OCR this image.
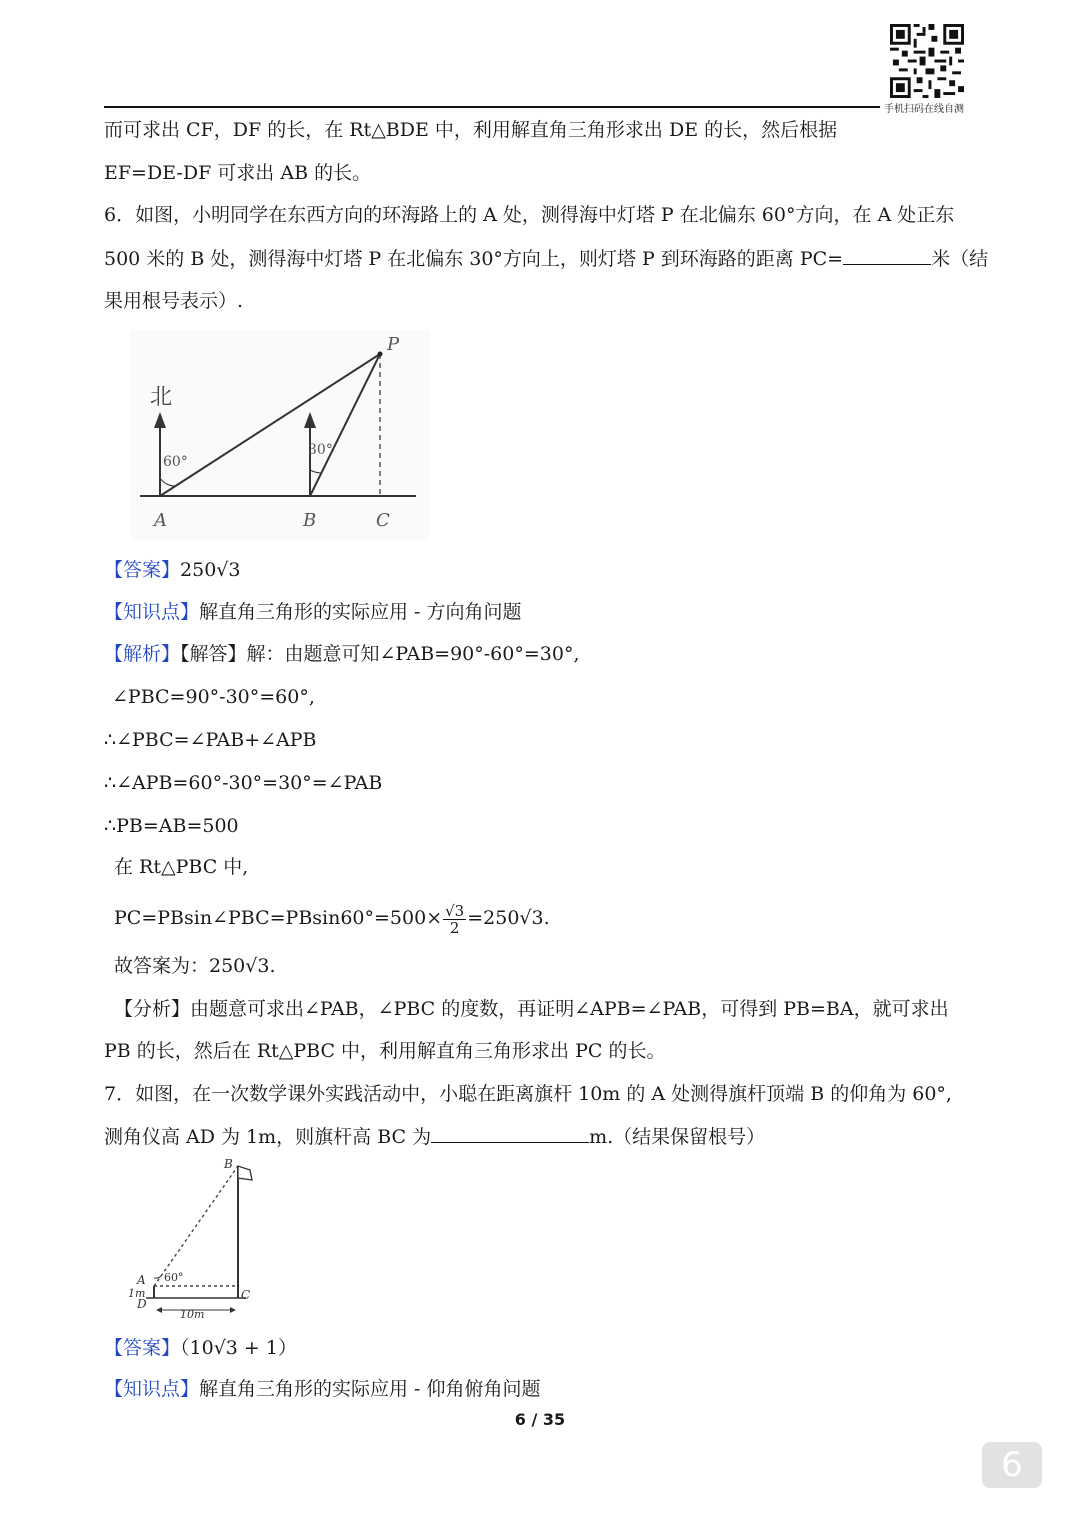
手机扫码在线自测
而可求出 CF，DF 的长，在 Rt△BDE 中，利用解直角三角形求出 DE 的长，然后根据
EF=DE-DF 可求出 AB 的长。
6．如图，小明同学在东西方向的环海路上的 A 处，测得海中灯塔 P 在北偏东 60°方向，在 A 处正东
500 米的 B 处，测得海中灯塔 P 在北偏东 30°方向上，则灯塔 P 到环海路的距离 PC=	米（结
果用根号表示）.
北
60°
30°
P
A	B	C
【答案】250√3
【知识点】解直角三角形的实际应用 - 方向角问题
【解析】【解答】解：由题意可知∠PAB=90°-60°=30°,
∠PBC=90°-30°=60°,
∴∠PBC=∠PAB+∠APB
∴∠APB=60°-30°=30°=∠PAB
∴PB=AB=500
在 Rt△PBC 中,
PC=PBsin∠PBC=PBsin60°=500× $\frac{√3}{2} =250√3$.
故答案为：250√3.
【分析】由题意可求出∠PAB，∠PBC 的度数，再证明∠APB=∠PAB，可得到 PB=BA，就可求出
PB 的长，然后在 Rt△PBC 中，利用解直角三角形求出 PC 的长。
7．如图，在一次数学课外实践活动中，小聪在距离旗杆 10m 的 A 处测得旗杆顶端 B 的仰角为 60°,
测角仪高 AD 为 1m，则旗杆高 BC 为	m.（结果保留根号）
B
A
D
C
60°
1m
10m
【答案】（10√3 + 1）
【知识点】解直角三角形的实际应用 - 仰角俯角问题
6 / 35
6
